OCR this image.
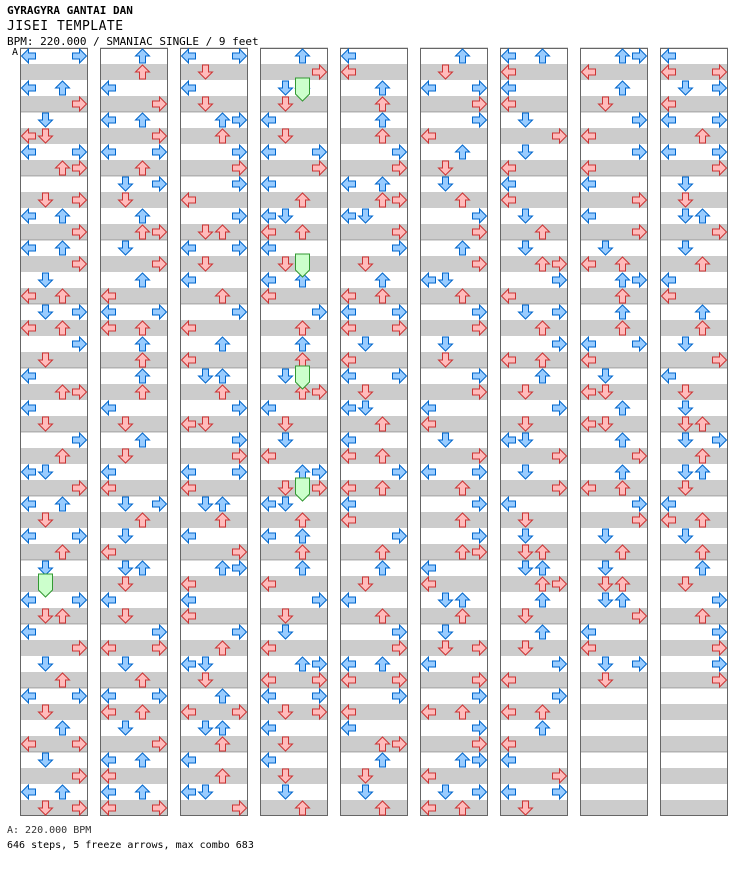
GYRAGYRA GANTAI DAN
JISEI TEMPLATE
BPM: 220.000 / SMANIAC SINGLE / 9 feet
A
A: 220.000 BPM
646 steps, 5 freeze arrows, max combo 683
